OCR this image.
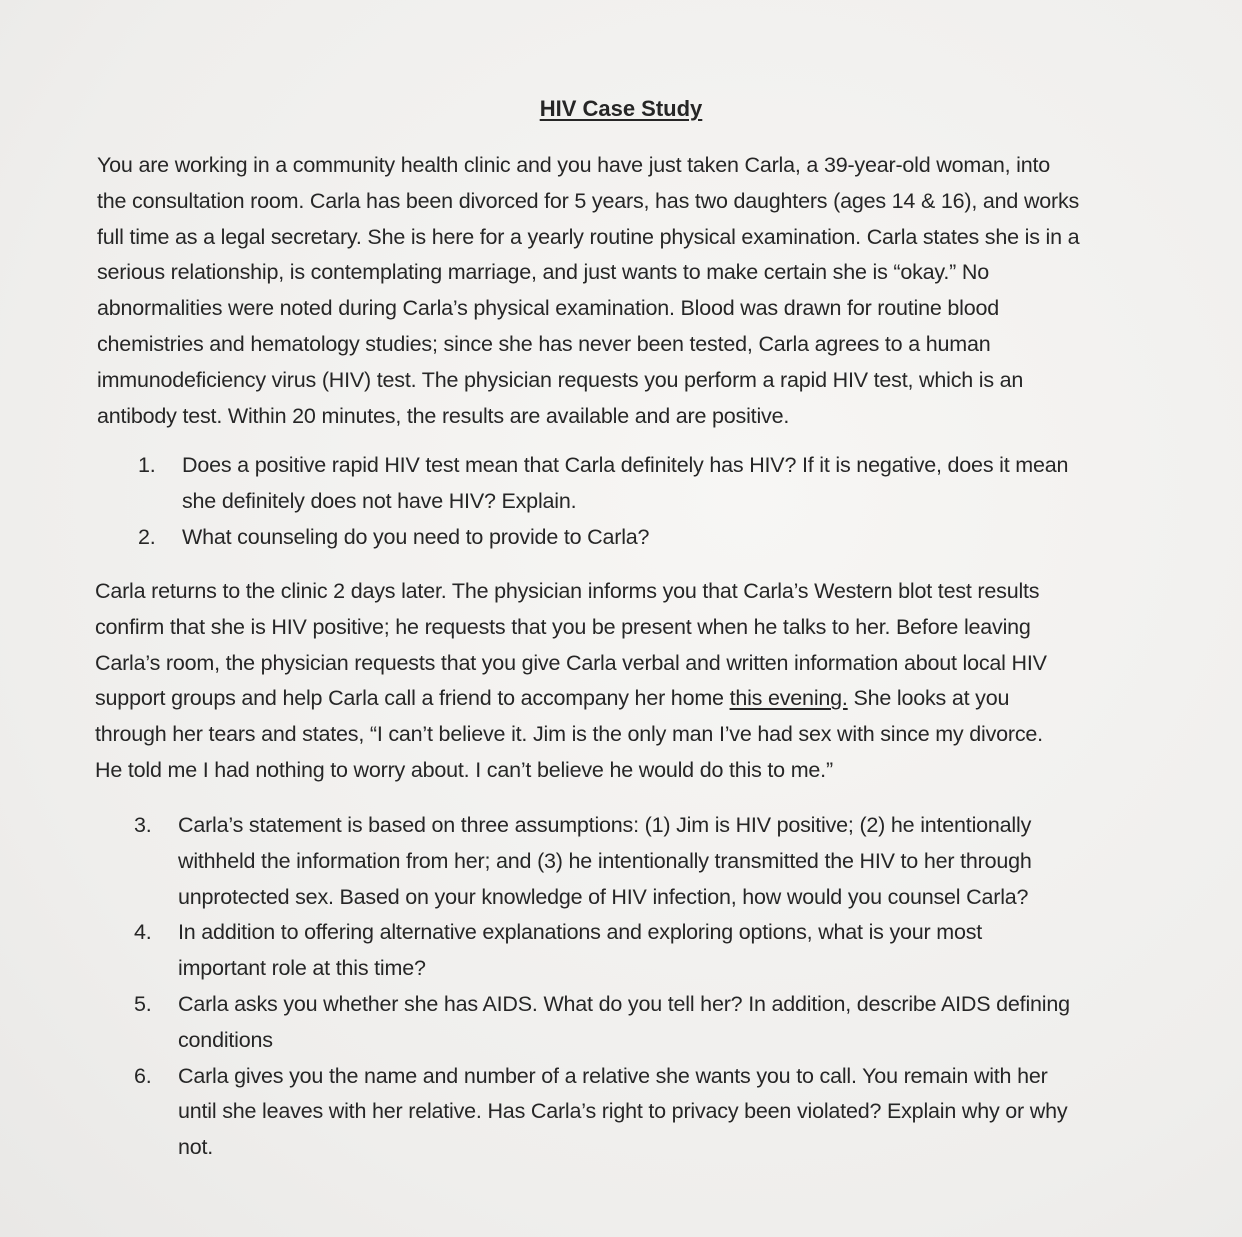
HIV Case Study

You are working in a community health clinic and you have just taken Carla, a 39-year-old woman, into
the consultation room. Carla has been divorced for 5 years, has two daughters (ages 14 & 16), and works
full time as a legal secretary. She is here for a yearly routine physical examination. Carla states she is in a
serious relationship, is contemplating marriage, and just wants to make certain she is “okay.” No
abnormalities were noted during Carla’s physical examination. Blood was drawn for routine blood
chemistries and hematology studies; since she has never been tested, Carla agrees to a human
immunodeficiency virus (HIV) test. The physician requests you perform a rapid HIV test, which is an
antibody test. Within 20 minutes, the results are available and are positive.

1. Does a positive rapid HIV test mean that Carla definitely has HIV? If it is negative, does it mean
she definitely does not have HIV? Explain.
2. What counseling do you need to provide to Carla?

Carla returns to the clinic 2 days later. The physician informs you that Carla’s Western blot test results
confirm that she is HIV positive; he requests that you be present when he talks to her. Before leaving
Carla’s room, the physician requests that you give Carla verbal and written information about local HIV
support groups and help Carla call a friend to accompany her home this evening. She looks at you
through her tears and states, “I can’t believe it. Jim is the only man I’ve had sex with since my divorce.
He told me I had nothing to worry about. I can’t believe he would do this to me.”

3. Carla’s statement is based on three assumptions: (1) Jim is HIV positive; (2) he intentionally
withheld the information from her; and (3) he intentionally transmitted the HIV to her through
unprotected sex. Based on your knowledge of HIV infection, how would you counsel Carla?
4. In addition to offering alternative explanations and exploring options, what is your most
important role at this time?
5. Carla asks you whether she has AIDS. What do you tell her? In addition, describe AIDS defining
conditions
6. Carla gives you the name and number of a relative she wants you to call. You remain with her
until she leaves with her relative. Has Carla’s right to privacy been violated? Explain why or why
not.
